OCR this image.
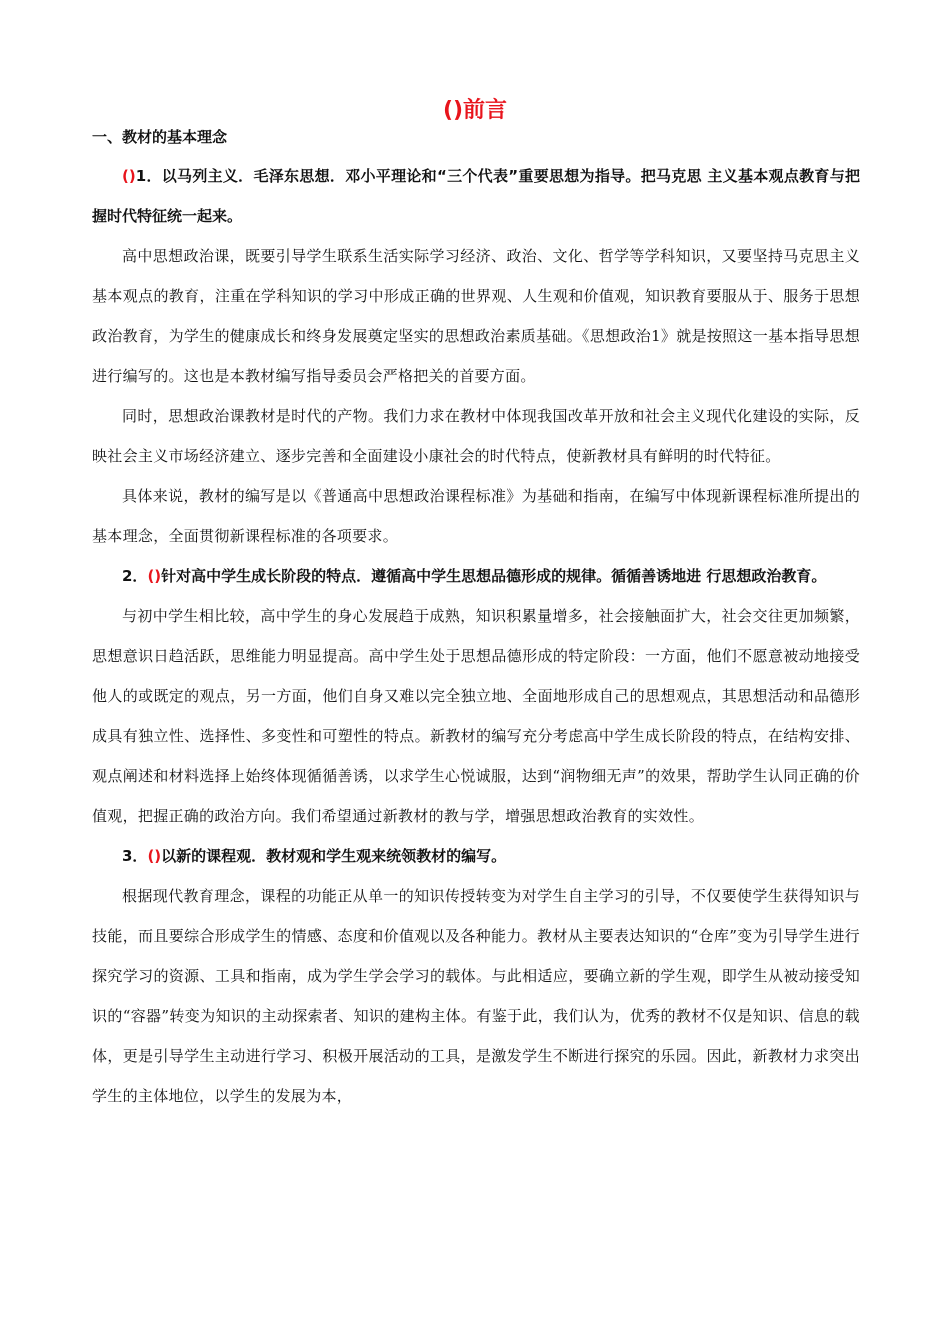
()前言
一、教材的基本理念

()1．以马列主义．毛泽东思想．邓小平理论和“三个代表”重要思想为指导。把马克思 主义基本观点教育与把握时代特征统一起来。

高中思想政治课，既要引导学生联系生活实际学习经济、政治、文化、哲学等学科知识，又要坚持马克思主义基本观点的教育，注重在学科知识的学习中形成正确的世界观、人生观和价值观，知识教育要服从于、服务于思想政治教育，为学生的健康成长和终身发展奠定坚实的思想政治素质基础。《思想政治1》就是按照这一基本指导思想进行编写的。这也是本教材编写指导委员会严格把关的首要方面。

同时，思想政治课教材是时代的产物。我们力求在教材中体现我国改革开放和社会主义现代化建设的实际，反映社会主义市场经济建立、逐步完善和全面建设小康社会的时代特点，使新教材具有鲜明的时代特征。

具体来说，教材的编写是以《普通高中思想政治课程标准》为基础和指南，在编写中体现新课程标准所提出的基本理念，全面贯彻新课程标准的各项要求。

2．()针对高中学生成长阶段的特点．遵循高中学生思想品德形成的规律。循循善诱地进 行思想政治教育。

与初中学生相比较，高中学生的身心发展趋于成熟，知识积累量增多，社会接触面扩大，社会交往更加频繁，思想意识日趋活跃，思维能力明显提高。高中学生处于思想品德形成的特定阶段：一方面，他们不愿意被动地接受他人的或既定的观点，另一方面，他们自身又难以完全独立地、全面地形成自己的思想观点，其思想活动和品德形成具有独立性、选择性、多变性和可塑性的特点。新教材的编写充分考虑高中学生成长阶段的特点，在结构安排、观点阐述和材料选择上始终体现循循善诱，以求学生心悦诚服，达到“润物细无声”的效果，帮助学生认同正确的价值观，把握正确的政治方向。我们希望通过新教材的教与学，增强思想政治教育的实效性。

3．()以新的课程观．教材观和学生观来统领教材的编写。

根据现代教育理念，课程的功能正从单一的知识传授转变为对学生自主学习的引导，不仅要使学生获得知识与技能，而且要综合形成学生的情感、态度和价值观以及各种能力。教材从主要表达知识的“仓库”变为引导学生进行探究学习的资源、工具和指南，成为学生学会学习的载体。与此相适应，要确立新的学生观，即学生从被动接受知识的“容器”转变为知识的主动探索者、知识的建构主体。有鉴于此，我们认为，优秀的教材不仅是知识、信息的载体，更是引导学生主动进行学习、积极开展活动的工具，是激发学生不断进行探究的乐园。因此，新教材力求突出学生的主体地位，以学生的发展为本，
